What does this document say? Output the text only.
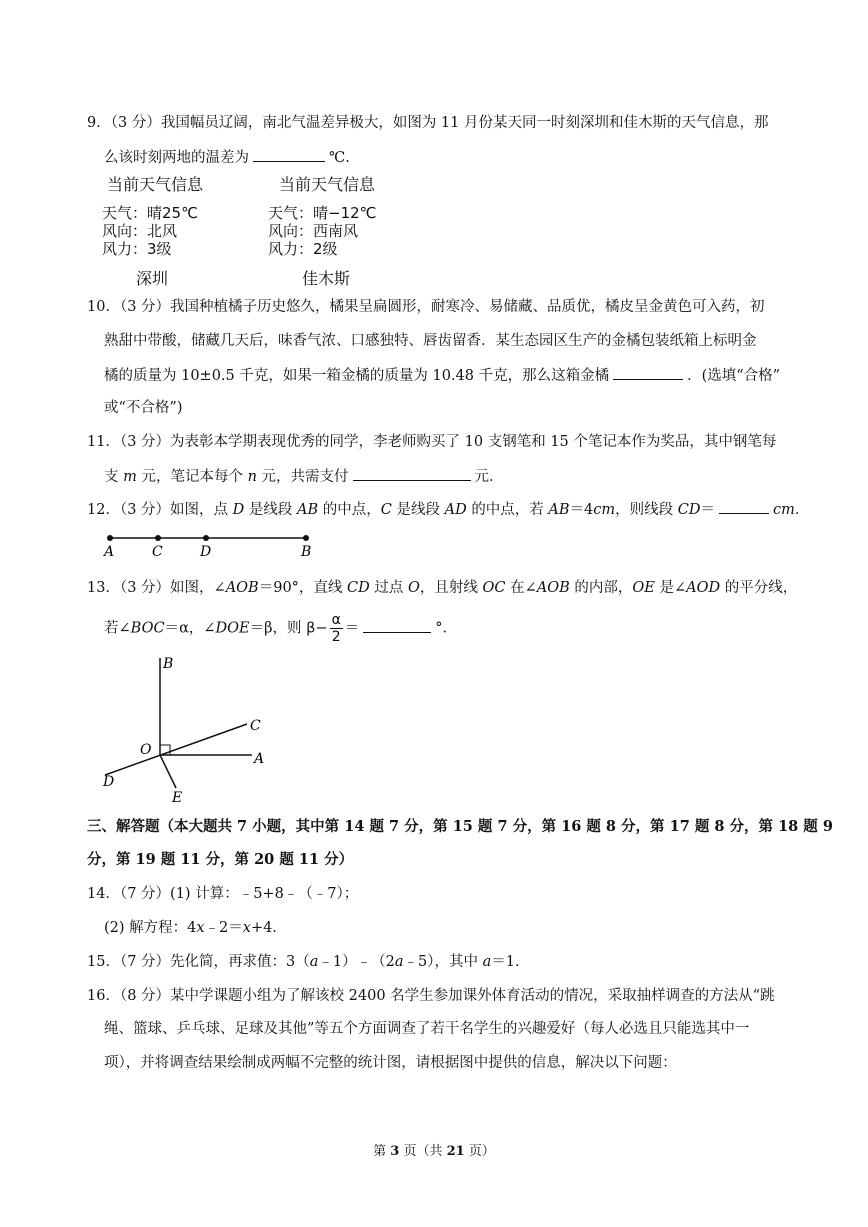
9．（3 分）我国幅员辽阔，南北气温差异极大，如图为 11 月份某天同一时刻深圳和佳木斯的天气信息，那
么该时刻两地的温差为	℃.
当前天气信息
天气：晴25℃
风向：北风
风力：3级
深圳
当前天气信息
天气：晴−12℃
风向：西南风
风力：2级
佳木斯
10．（3 分）我国种植橘子历史悠久，橘果呈扁圆形，耐寒冷、易储藏、品质优，橘皮呈金黄色可入药，初
熟甜中带酸，储藏几天后，味香气浓、口感独特、唇齿留香．某生态园区生产的金橘包装纸箱上标明金
橘的质量为 10±0.5 千克，如果一箱金橘的质量为 10.48 千克，那么这箱金橘	．(选填“合格”
或“不合格”)
11．（3 分）为表彰本学期表现优秀的同学，李老师购买了 10 支钢笔和 15 个笔记本作为奖品，其中钢笔每
支 m 元，笔记本每个 n 元，共需支付	元．
12．（3 分）如图，点 D 是线段 AB 的中点，C 是线段 AD 的中点，若 AB＝4cm，则线段 CD＝	cm．
A	C	D	B
13．（3 分）如图，∠AOB＝90°，直线 CD 过点 O，且射线 OC 在∠AOB 的内部，OE 是∠AOD 的平分线，
若∠BOC＝α，∠DOE＝β，则 $\beta- \frac{\alpha}{2}$ ＝	°．
B
C
O
A
D
E
三、解答题（本大题共 7 小题，其中第 14 题 7 分，第 15 题 7 分，第 16 题 8 分，第 17 题 8 分，第 18 题 9
分，第 19 题 11 分，第 20 题 11 分）
14．（7 分）(1) 计算：﹣5+8﹣（﹣7）；
(2) 解方程：4x﹣2＝x+4．
15．（7 分）先化简，再求值：3（a﹣1）﹣（2a﹣5），其中 a＝1．
16．（8 分）某中学课题小组为了解该校 2400 名学生参加课外体育活动的情况，采取抽样调查的方法从“跳
绳、篮球、乒乓球、足球及其他”等五个方面调查了若干名学生的兴趣爱好（每人必选且只能选其中一
项），并将调查结果绘制成两幅不完整的统计图，请根据图中提供的信息，解决以下问题：
第 3 页（共 21 页）
